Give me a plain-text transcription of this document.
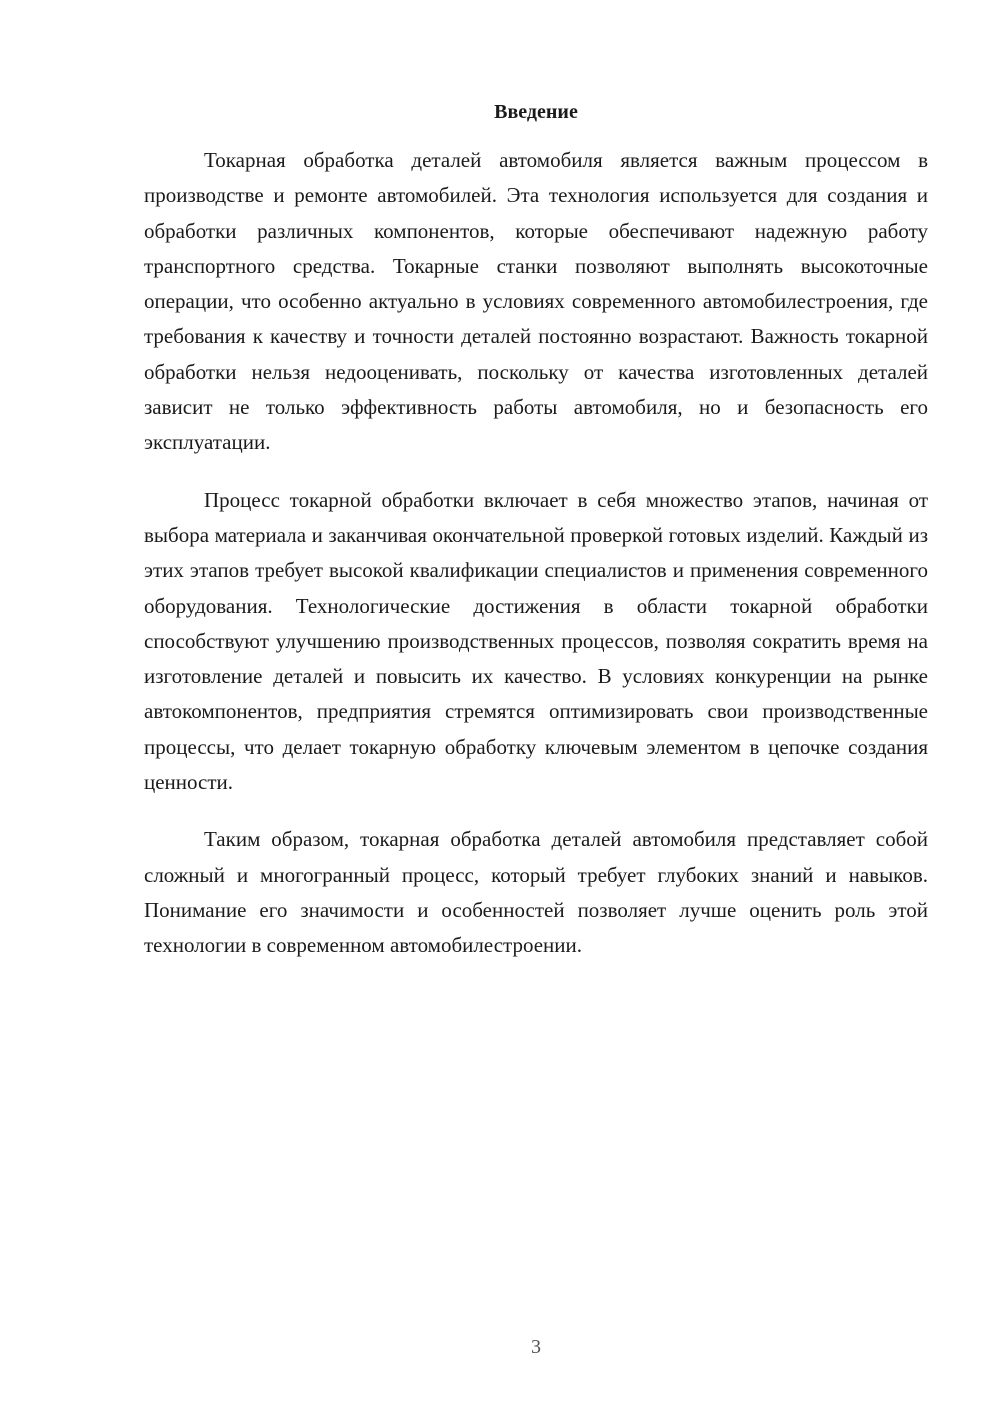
Введение

Токарная обработка деталей автомобиля является важным процессом в производстве и ремонте автомобилей. Эта технология используется для создания и обработки различных компонентов, которые обеспечивают надежную работу транспортного средства. Токарные станки позволяют выполнять высокоточные операции, что особенно актуально в условиях современного автомобилестроения, где требования к качеству и точности деталей постоянно возрастают. Важность токарной обработки нельзя недооценивать, поскольку от качества изготовленных деталей зависит не только эффективность работы автомобиля, но и безопасность его эксплуатации.

Процесс токарной обработки включает в себя множество этапов, начиная от выбора материала и заканчивая окончательной проверкой готовых изделий. Каждый из этих этапов требует высокой квалификации специалистов и применения современного оборудования. Технологические достижения в области токарной обработки способствуют улучшению производственных процессов, позволяя сократить время на изготовление деталей и повысить их качество. В условиях конкуренции на рынке автокомпонентов, предприятия стремятся оптимизировать свои производственные процессы, что делает токарную обработку ключевым элементом в цепочке создания ценности.

Таким образом, токарная обработка деталей автомобиля представляет собой сложный и многогранный процесс, который требует глубоких знаний и навыков. Понимание его значимости и особенностей позволяет лучше оценить роль этой технологии в современном автомобилестроении.

3
